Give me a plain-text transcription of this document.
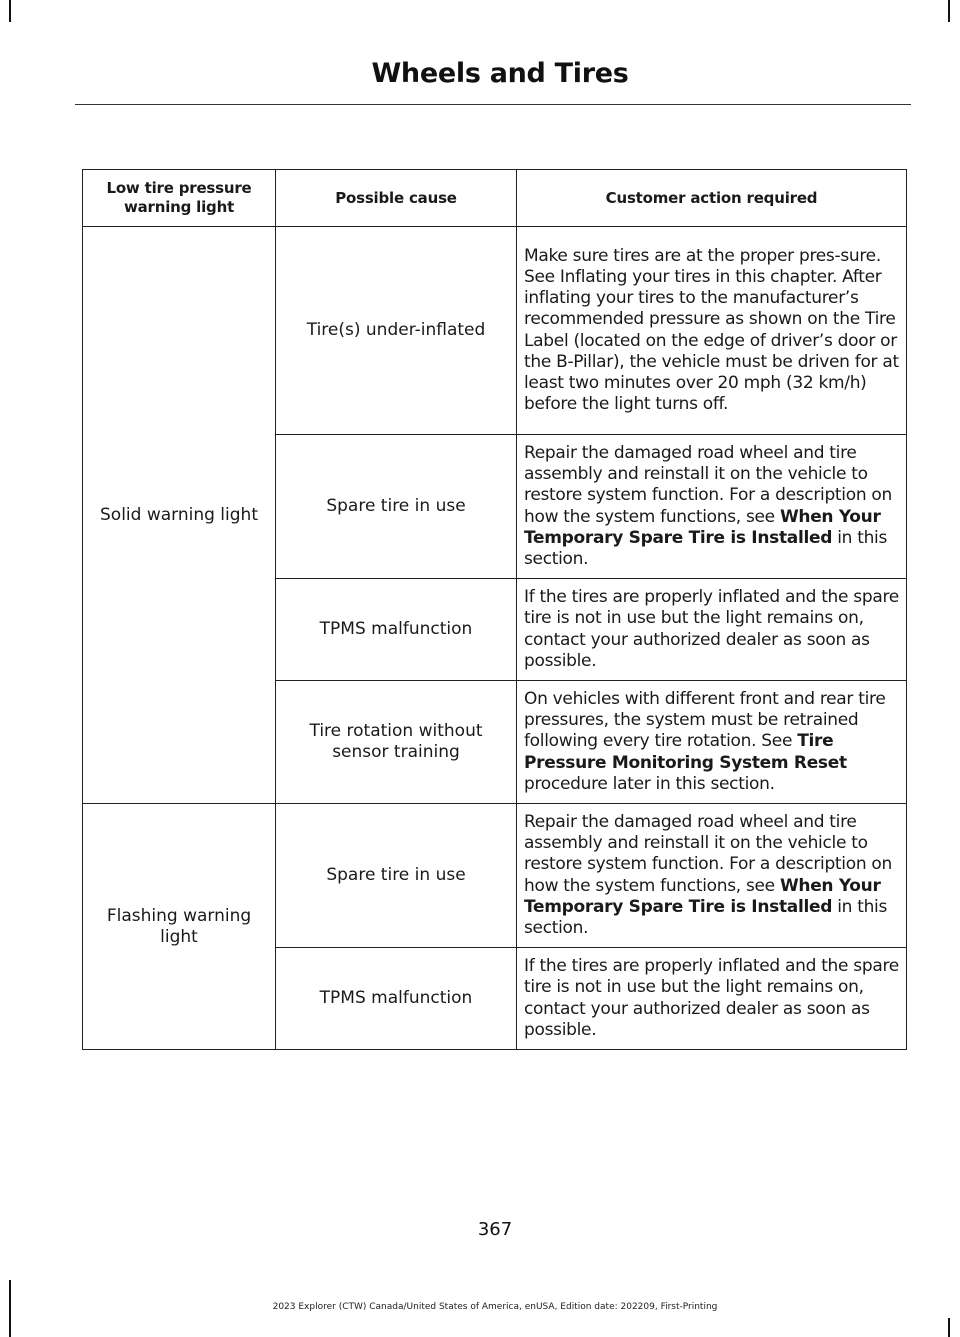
Wheels and Tires
Low tire pressure warning light	Possible cause	Customer action required
Solid warning light	Tire(s) under-inflated	Make sure tires are at the proper pres-sure. See Inflating your tires in this chapter. After inflating your tires to the manufacturer’s recommended pressure as shown on the Tire Label (located on the edge of driver’s door or the B-Pillar), the vehicle must be driven for at least two minutes over 20 mph (32 km/h) before the light turns off.
	Spare tire in use	Repair the damaged road wheel and tire assembly and reinstall it on the vehicle to restore system function. For a description on how the system functions, see When Your Temporary Spare Tire is Installed in this section.
	TPMS malfunction	If the tires are properly inflated and the spare tire is not in use but the light remains on, contact your authorized dealer as soon as possible.
	Tire rotation without sensor training	On vehicles with different front and rear tire pressures, the system must be retrained following every tire rotation. See Tire Pressure Monitoring System Reset procedure later in this section.
Flashing warning light	Spare tire in use	Repair the damaged road wheel and tire assembly and reinstall it on the vehicle to restore system function. For a description on how the system functions, see When Your Temporary Spare Tire is Installed in this section.
	TPMS malfunction	If the tires are properly inflated and the spare tire is not in use but the light remains on, contact your authorized dealer as soon as possible.
367
2023 Explorer (CTW) Canada/United States of America, enUSA, Edition date: 202209, First-Printing
